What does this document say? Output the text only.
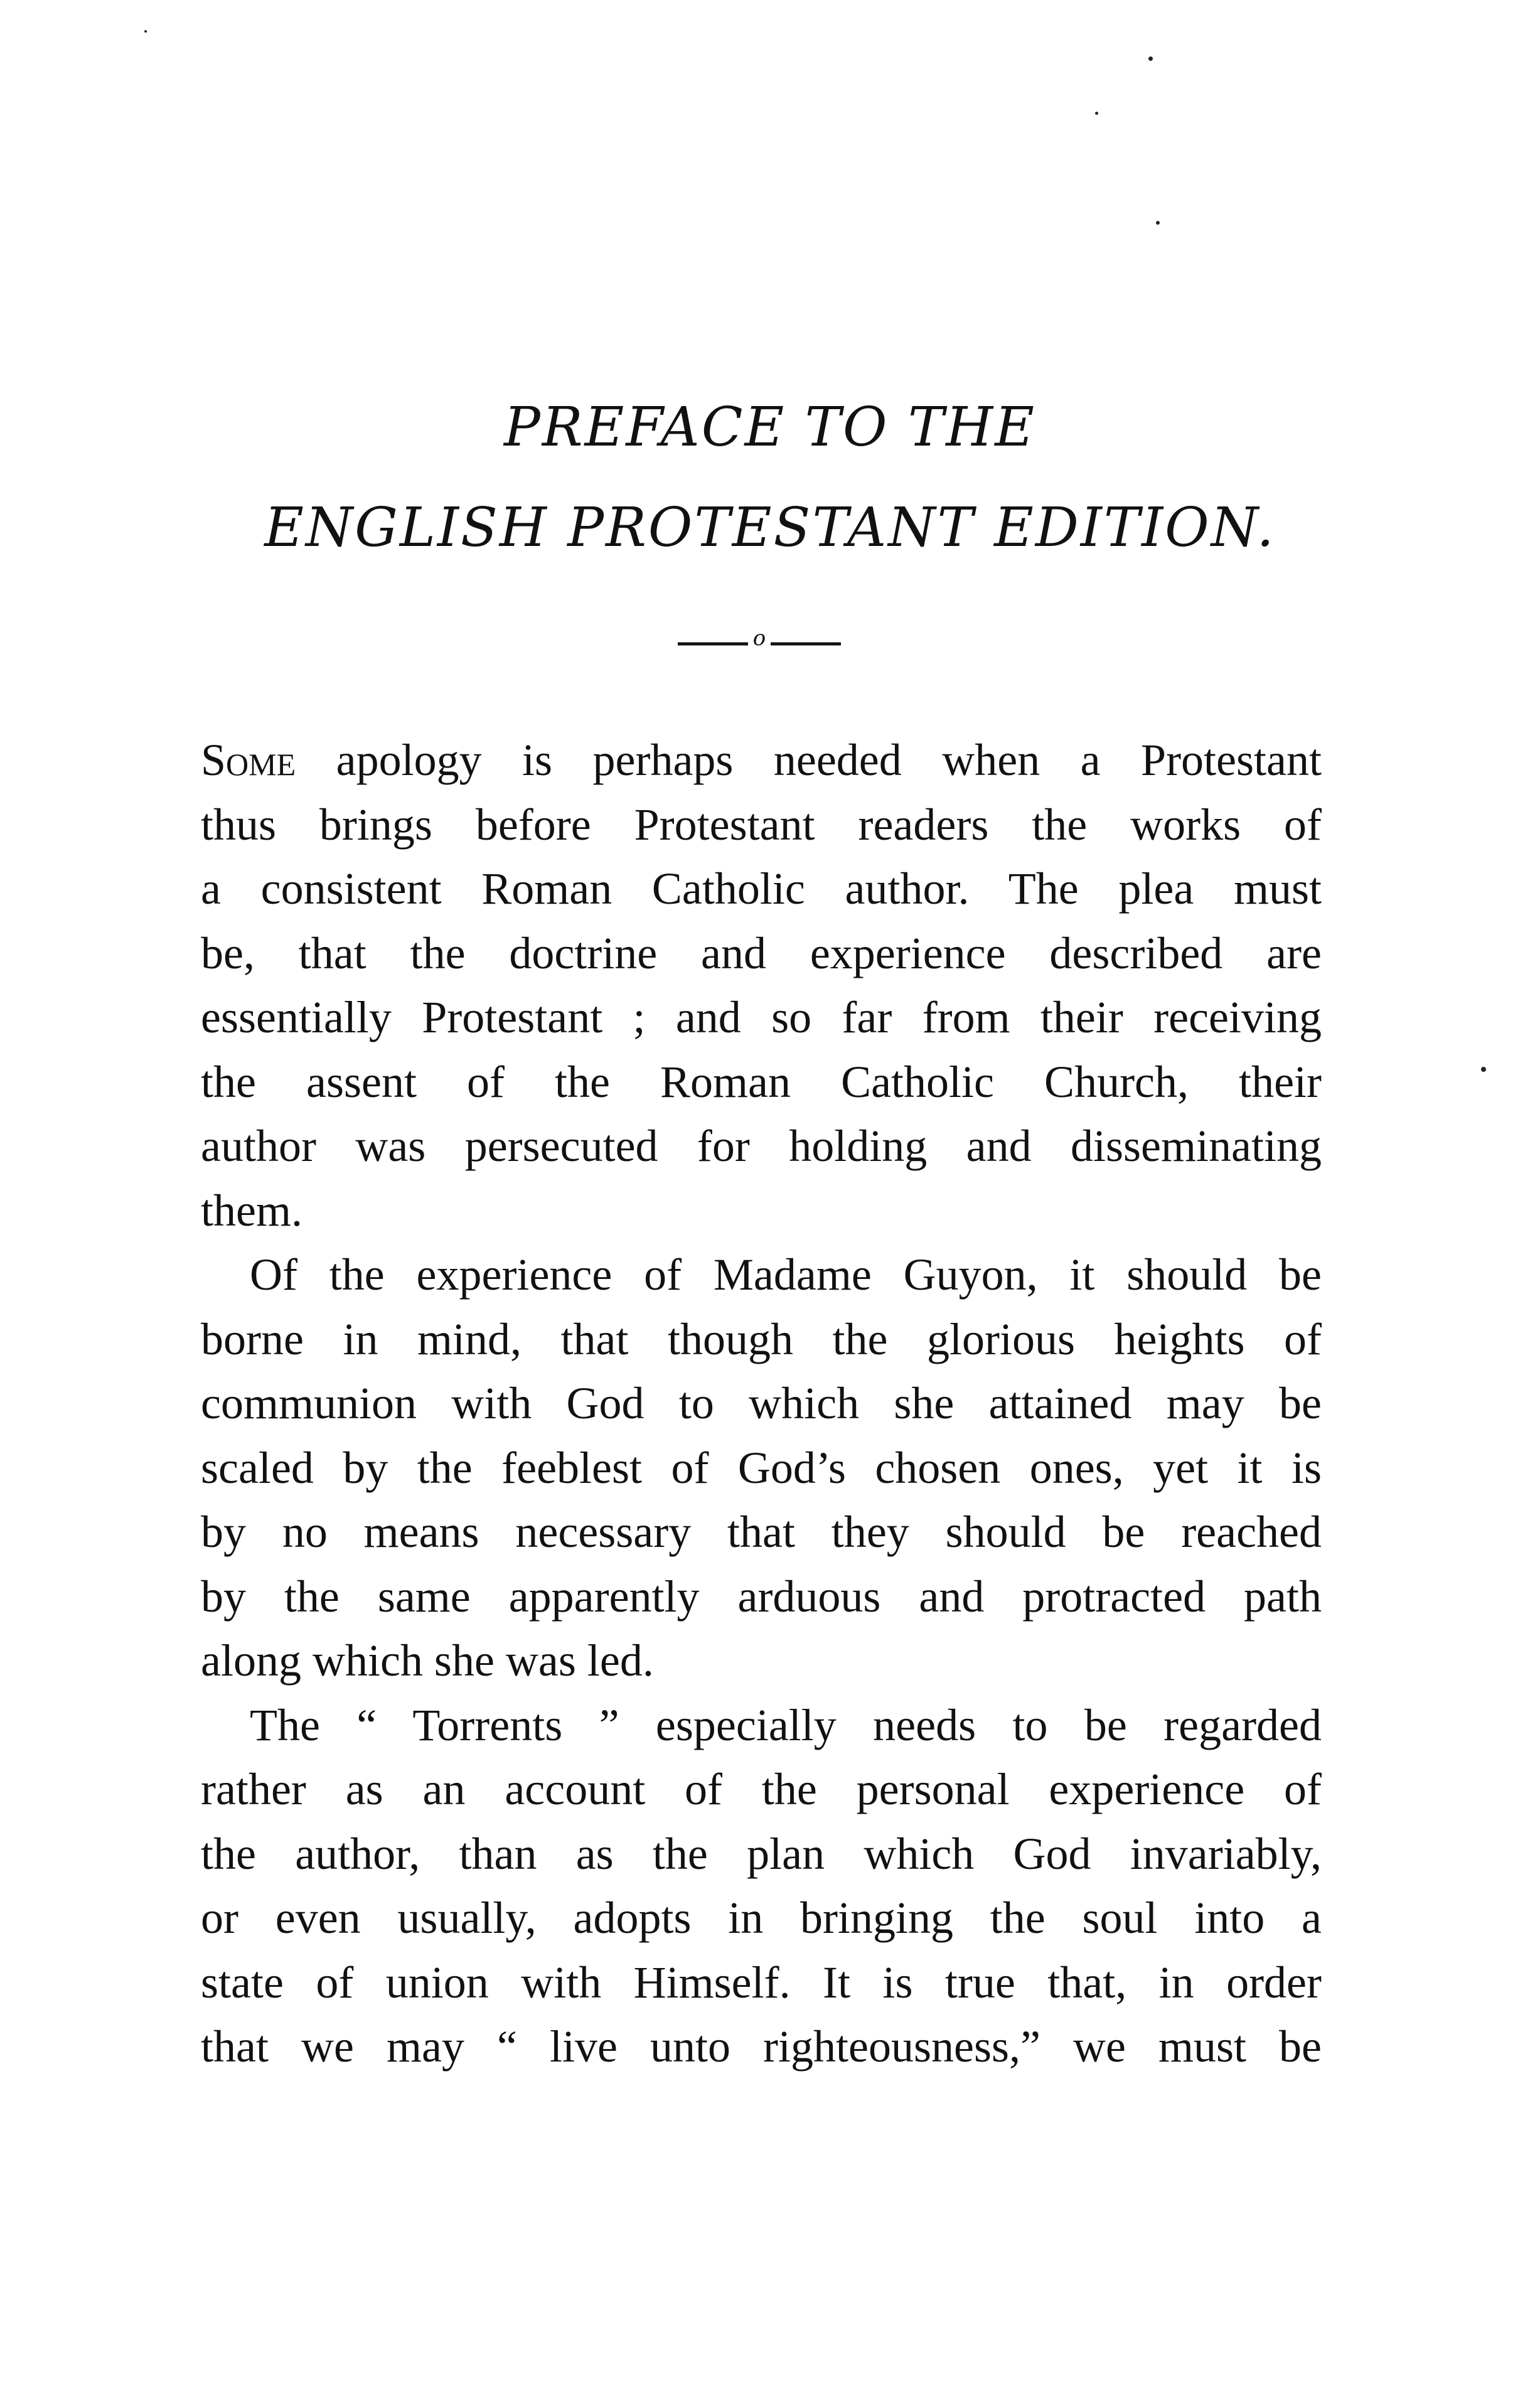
PREFACE TO THE
ENGLISH PROTESTANT EDITION.
o
Some apology is perhaps needed when a Protestant
thus brings before Protestant readers the works of
a consistent Roman Catholic author. The plea must
be, that the doctrine and experience described are
essentially Protestant ; and so far from their receiving
the assent of the Roman Catholic Church, their
author was persecuted for holding and disseminating
them.
Of the experience of Madame Guyon, it should be
borne in mind, that though the glorious heights of
communion with God to which she attained may be
scaled by the feeblest of God’s chosen ones, yet it is
by no means necessary that they should be reached
by the same apparently arduous and protracted path
along which she was led.
The “ Torrents ” especially needs to be regarded
rather as an account of the personal experience of
the author, than as the plan which God invariably,
or even usually, adopts in bringing the soul into a
state of union with Himself. It is true that, in order
that we may “ live unto righteousness,” we must be
